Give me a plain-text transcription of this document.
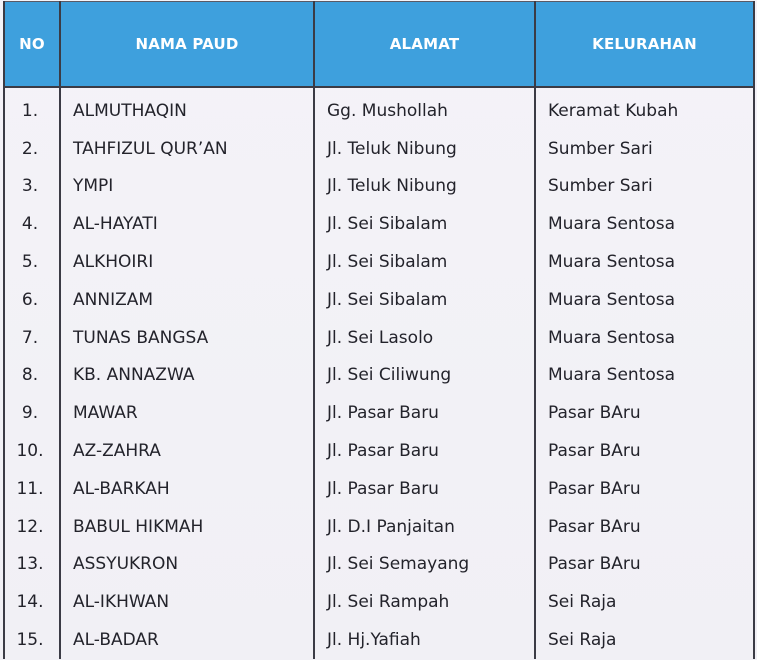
NO	NAMA PAUD	ALAMAT	KELURAHAN
1.	ALMUTHAQIN	Gg. Mushollah	Keramat Kubah
2.	TAHFIZUL QUR’AN	Jl. Teluk Nibung	Sumber Sari
3.	YMPI	Jl. Teluk Nibung	Sumber Sari
4.	AL-HAYATI	Jl. Sei Sibalam	Muara Sentosa
5.	ALKHOIRI	Jl. Sei Sibalam	Muara Sentosa
6.	ANNIZAM	Jl. Sei Sibalam	Muara Sentosa
7.	TUNAS BANGSA	Jl. Sei Lasolo	Muara Sentosa
8.	KB. ANNAZWA	Jl. Sei Ciliwung	Muara Sentosa
9.	MAWAR	Jl. Pasar Baru	Pasar BAru
10.	AZ-ZAHRA	Jl. Pasar Baru	Pasar BAru
11.	AL-BARKAH	Jl. Pasar Baru	Pasar BAru
12.	BABUL HIKMAH	Jl. D.I Panjaitan	Pasar BAru
13.	ASSYUKRON	Jl. Sei Semayang	Pasar BAru
14.	AL-IKHWAN	Jl. Sei Rampah	Sei Raja
15.	AL-BADAR	Jl. Hj.Yafiah	Sei Raja
